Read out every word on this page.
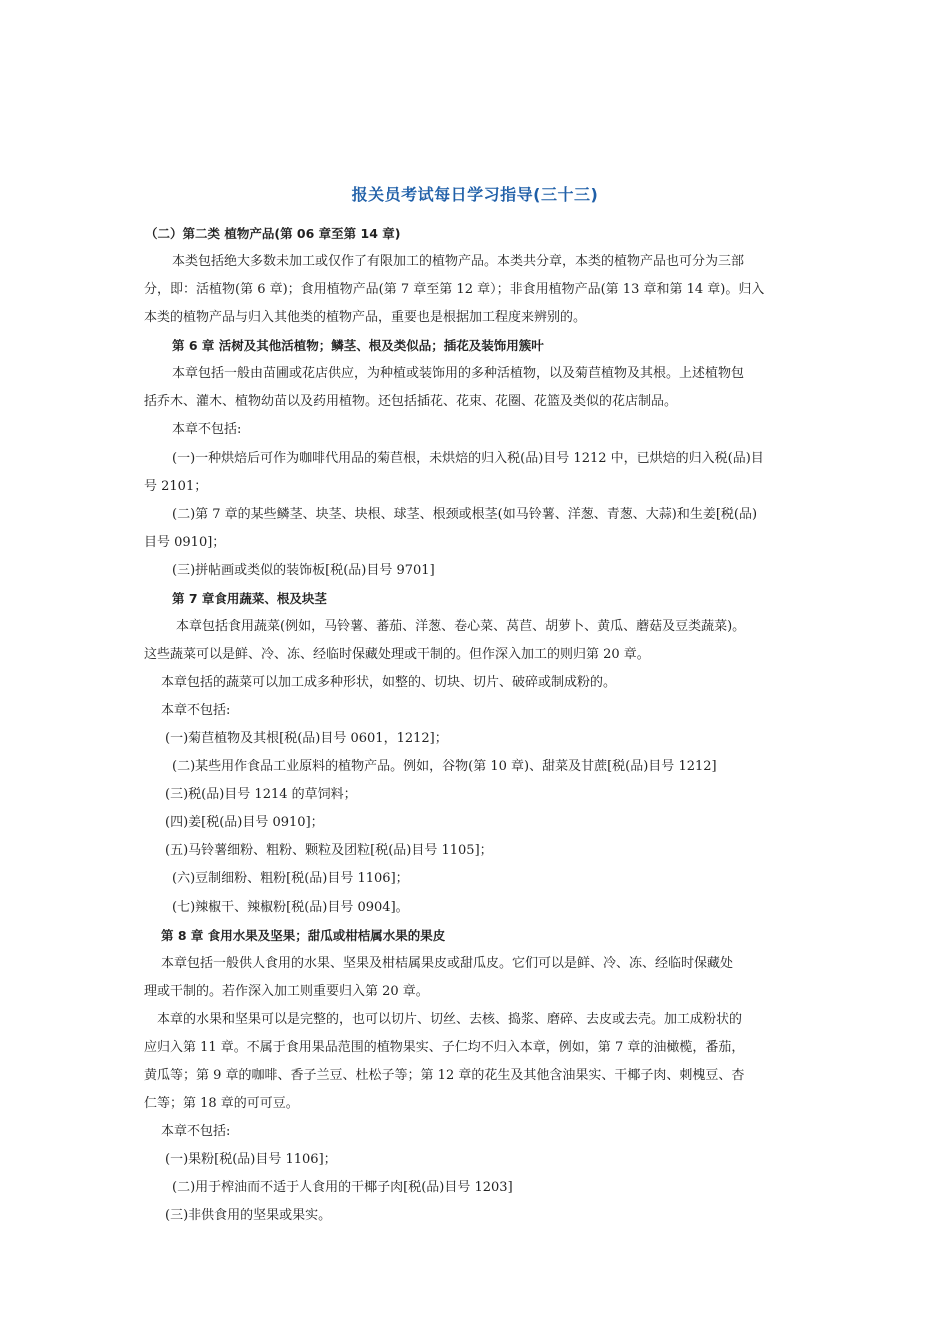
报关员考试每日学习指导(三十三)
（二）第二类 植物产品(第 06 章至第 14 章)
本类包括绝大多数未加工或仅作了有限加工的植物产品。本类共分章，本类的植物产品也可分为三部
分，即：活植物(第 6 章)；食用植物产品(第 7 章至第 12 章）；非食用植物产品(第 13 章和第 14 章)。归入
本类的植物产品与归入其他类的植物产品，重要也是根据加工程度来辨别的。
第 6 章 活树及其他活植物；鳞茎、根及类似品；插花及装饰用簇叶
本章包括一般由苗圃或花店供应，为种植或装饰用的多种活植物，以及菊苣植物及其根。上述植物包
括乔木、灌木、植物幼苗以及药用植物。还包括插花、花束、花圈、花篮及类似的花店制品。
本章不包括:
(一)一种烘焙后可作为咖啡代用品的菊苣根，未烘焙的归入税(品)目号 1212 中，已烘焙的归入税(品)目
号 2101；
(二)第 7 章的某些鳞茎、块茎、块根、球茎、根颈或根茎(如马铃薯、洋葱、青葱、大蒜)和生姜[税(品)
目号 0910]；
(三)拼帖画或类似的装饰板[税(品)目号 9701]
第 7 章食用蔬菜、根及块茎
本章包括食用蔬菜(例如，马铃薯、蕃茄、洋葱、卷心菜、莴苣、胡萝卜、黄瓜、蘑菇及豆类蔬菜)。
这些蔬菜可以是鲜、冷、冻、经临时保藏处理或干制的。但作深入加工的则归第 20 章。
本章包括的蔬菜可以加工成多种形状，如整的、切块、切片、破碎或制成粉的。
本章不包括:
(一)菊苣植物及其根[税(品)目号 0601，1212]；
(二)某些用作食品工业原料的植物产品。例如，谷物(第 10 章)、甜菜及甘蔗[税(品)目号 1212]
(三)税(品)目号 1214 的草饲料；
(四)姜[税(品)目号 0910]；
(五)马铃薯细粉、粗粉、颗粒及团粒[税(品)目号 1105]；
(六)豆制细粉、粗粉[税(品)目号 1106]；
(七)辣椒干、辣椒粉[税(品)目号 0904]。
第 8 章 食用水果及坚果；甜瓜或柑桔属水果的果皮
本章包括一般供人食用的水果、坚果及柑桔属果皮或甜瓜皮。它们可以是鲜、冷、冻、经临时保藏处
理或干制的。若作深入加工则重要归入第 20 章。
本章的水果和坚果可以是完整的，也可以切片、切丝、去核、捣浆、磨碎、去皮或去壳。加工成粉状的
应归入第 11 章。不属于食用果品范围的植物果实、子仁均不归入本章，例如，第 7 章的油橄榄，番茄，
黄瓜等；第 9 章的咖啡、香子兰豆、杜松子等；第 12 章的花生及其他含油果实、干椰子肉、刺槐豆、杏
仁等；第 18 章的可可豆。
本章不包括:
(一)果粉[税(品)目号 1106]；
(二)用于榨油而不适于人食用的干椰子肉[税(品)目号 1203]
(三)非供食用的坚果或果实。
